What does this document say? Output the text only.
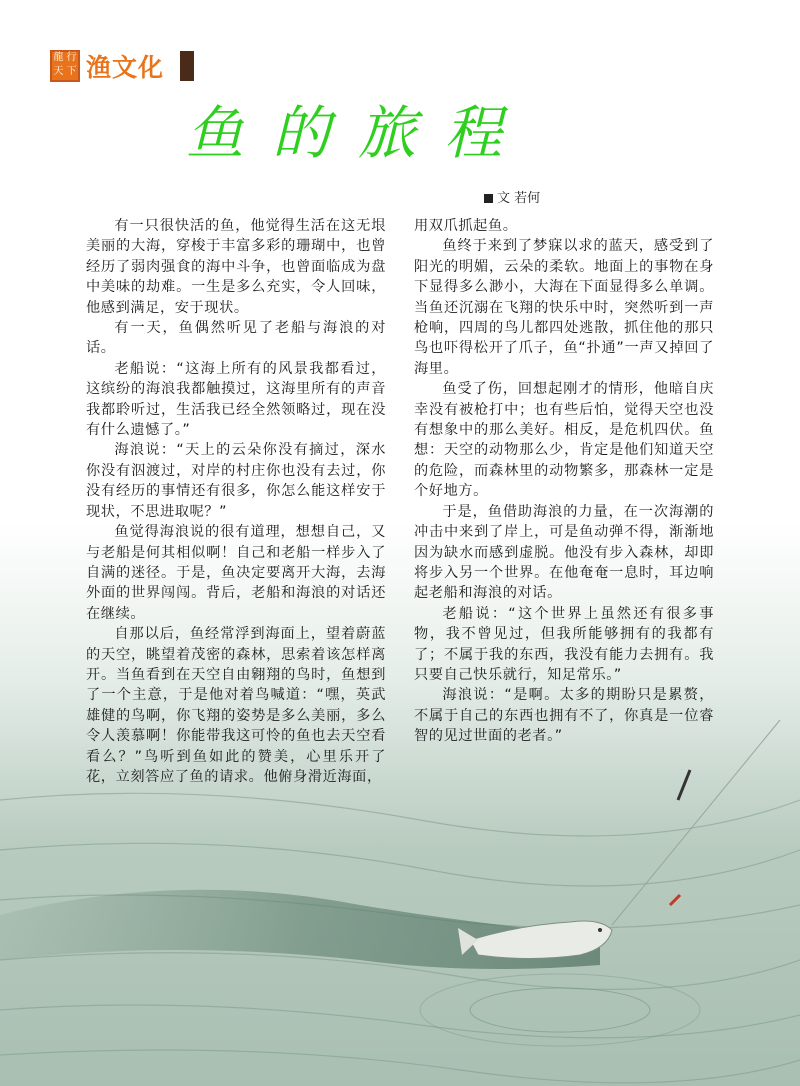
龍 行
天 下 渔文化
鱼的旅程
文 若何

有一只很快活的鱼，他觉得生活在这无垠美丽的大海，穿梭于丰富多彩的珊瑚中，也曾经历了弱肉强食的海中斗争，也曾面临成为盘中美味的劫难。一生是多么充实，令人回味，他感到满足，安于现状。

有一天，鱼偶然听见了老船与海浪的对话。

老船说：“这海上所有的风景我都看过，这缤纷的海浪我都触摸过，这海里所有的声音我都聆听过，生活我已经全然领略过，现在没有什么遗憾了。”

海浪说：“天上的云朵你没有摘过，深水你没有泅渡过，对岸的村庄你也没有去过，你没有经历的事情还有很多，你怎么能这样安于现状，不思进取呢？”

鱼觉得海浪说的很有道理，想想自己，又与老船是何其相似啊！自己和老船一样步入了自满的迷径。于是，鱼决定要离开大海，去海外面的世界闯闯。背后，老船和海浪的对话还在继续。

自那以后，鱼经常浮到海面上，望着蔚蓝的天空，眺望着茂密的森林，思索着该怎样离开。当鱼看到在天空自由翱翔的鸟时，鱼想到了一个主意，于是他对着鸟喊道：“嘿，英武雄健的鸟啊，你飞翔的姿势是多么美丽，多么令人羡慕啊！你能带我这可怜的鱼也去天空看看么？”鸟听到鱼如此的赞美，心里乐开了花，立刻答应了鱼的请求。他俯身滑近海面，

用双爪抓起鱼。

鱼终于来到了梦寐以求的蓝天，感受到了阳光的明媚，云朵的柔软。地面上的事物在身下显得多么渺小，大海在下面显得多么单调。当鱼还沉溺在飞翔的快乐中时，突然听到一声枪响，四周的鸟儿都四处逃散，抓住他的那只鸟也吓得松开了爪子，鱼“扑通”一声又掉回了海里。

鱼受了伤，回想起刚才的情形，他暗自庆幸没有被枪打中；也有些后怕，觉得天空也没有想象中的那么美好。相反，是危机四伏。鱼想：天空的动物那么少，肯定是他们知道天空的危险，而森林里的动物繁多，那森林一定是个好地方。

于是，鱼借助海浪的力量，在一次海潮的冲击中来到了岸上，可是鱼动弹不得，渐渐地因为缺水而感到虚脱。他没有步入森林，却即将步入另一个世界。在他奄奄一息时，耳边响起老船和海浪的对话。

老船说：“这个世界上虽然还有很多事物，我不曾见过，但我所能够拥有的我都有了；不属于我的东西，我没有能力去拥有。我只要自己快乐就行，知足常乐。”

海浪说：“是啊。太多的期盼只是累赘，不属于自己的东西也拥有不了，你真是一位睿智的见过世面的老者。”
